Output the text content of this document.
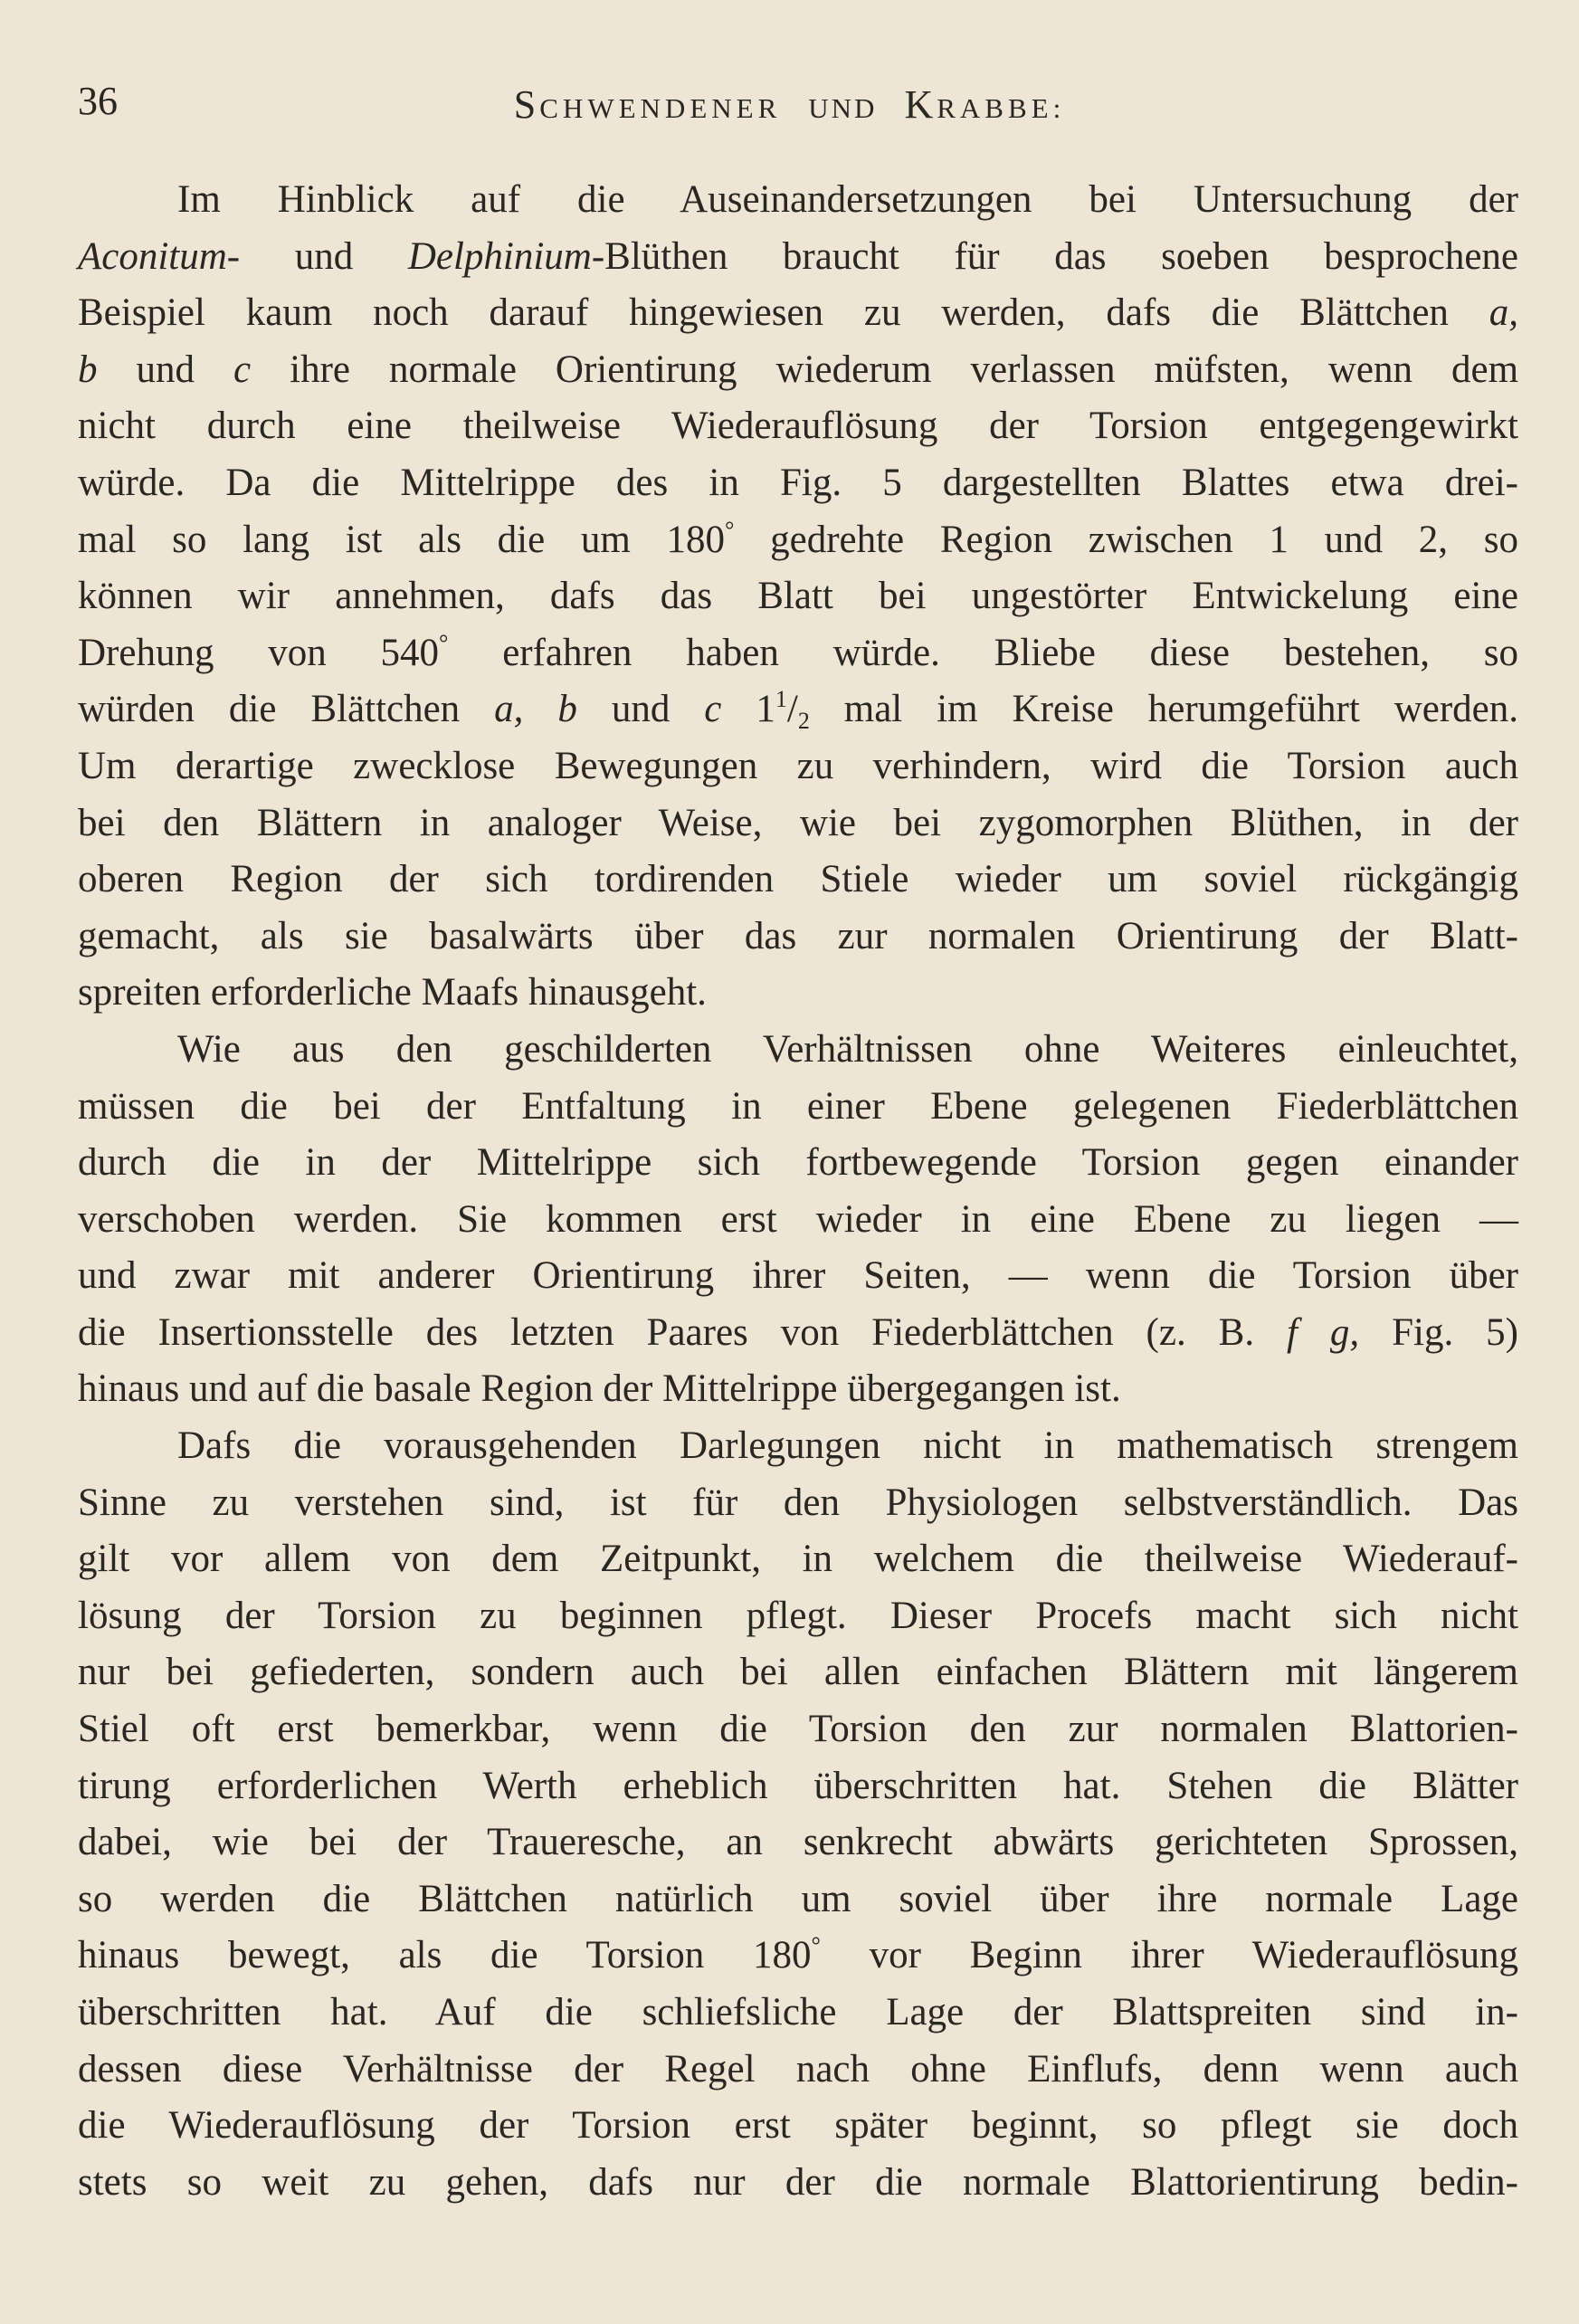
36	SCHWENDENER UND KRABBE:
Im Hinblick auf die Auseinandersetzungen bei Untersuchung der
Aconitum- und Delphinium-Blüthen braucht für das soeben besprochene
Beispiel kaum noch darauf hingewiesen zu werden, dafs die Blättchen a,
b und c ihre normale Orientirung wiederum verlassen müfsten, wenn dem
nicht durch eine theilweise Wiederauflösung der Torsion entgegengewirkt
würde. Da die Mittelrippe des in Fig. 5 dargestellten Blattes etwa drei-
mal so lang ist als die um 180° gedrehte Region zwischen 1 und 2, so
können wir annehmen, dafs das Blatt bei ungestörter Entwickelung eine
Drehung von 540° erfahren haben würde. Bliebe diese bestehen, so
würden die Blättchen a, b und c $1^1/_2$ mal im Kreise herumgeführt werden.
Um derartige zwecklose Bewegungen zu verhindern, wird die Torsion auch
bei den Blättern in analoger Weise, wie bei zygomorphen Blüthen, in der
oberen Region der sich tordirenden Stiele wieder um soviel rückgängig
gemacht, als sie basalwärts über das zur normalen Orientirung der Blatt-
spreiten erforderliche Maafs hinausgeht.
Wie aus den geschilderten Verhältnissen ohne Weiteres einleuchtet,
müssen die bei der Entfaltung in einer Ebene gelegenen Fiederblättchen
durch die in der Mittelrippe sich fortbewegende Torsion gegen einander
verschoben werden. Sie kommen erst wieder in eine Ebene zu liegen —
und zwar mit anderer Orientirung ihrer Seiten, — wenn die Torsion über
die Insertionsstelle des letzten Paares von Fiederblättchen (z. B. f g, Fig. 5)
hinaus und auf die basale Region der Mittelrippe übergegangen ist.
Dafs die vorausgehenden Darlegungen nicht in mathematisch strengem
Sinne zu verstehen sind, ist für den Physiologen selbstverständlich. Das
gilt vor allem von dem Zeitpunkt, in welchem die theilweise Wiederauf-
lösung der Torsion zu beginnen pflegt. Dieser Procefs macht sich nicht
nur bei gefiederten, sondern auch bei allen einfachen Blättern mit längerem
Stiel oft erst bemerkbar, wenn die Torsion den zur normalen Blattorien-
tirung erforderlichen Werth erheblich überschritten hat. Stehen die Blätter
dabei, wie bei der Traueresche, an senkrecht abwärts gerichteten Sprossen,
so werden die Blättchen natürlich um soviel über ihre normale Lage
hinaus bewegt, als die Torsion 180° vor Beginn ihrer Wiederauflösung
überschritten hat. Auf die schliefsliche Lage der Blattspreiten sind in-
dessen diese Verhältnisse der Regel nach ohne Einflufs, denn wenn auch
die Wiederauflösung der Torsion erst später beginnt, so pflegt sie doch
stets so weit zu gehen, dafs nur der die normale Blattorientirung bedin-
